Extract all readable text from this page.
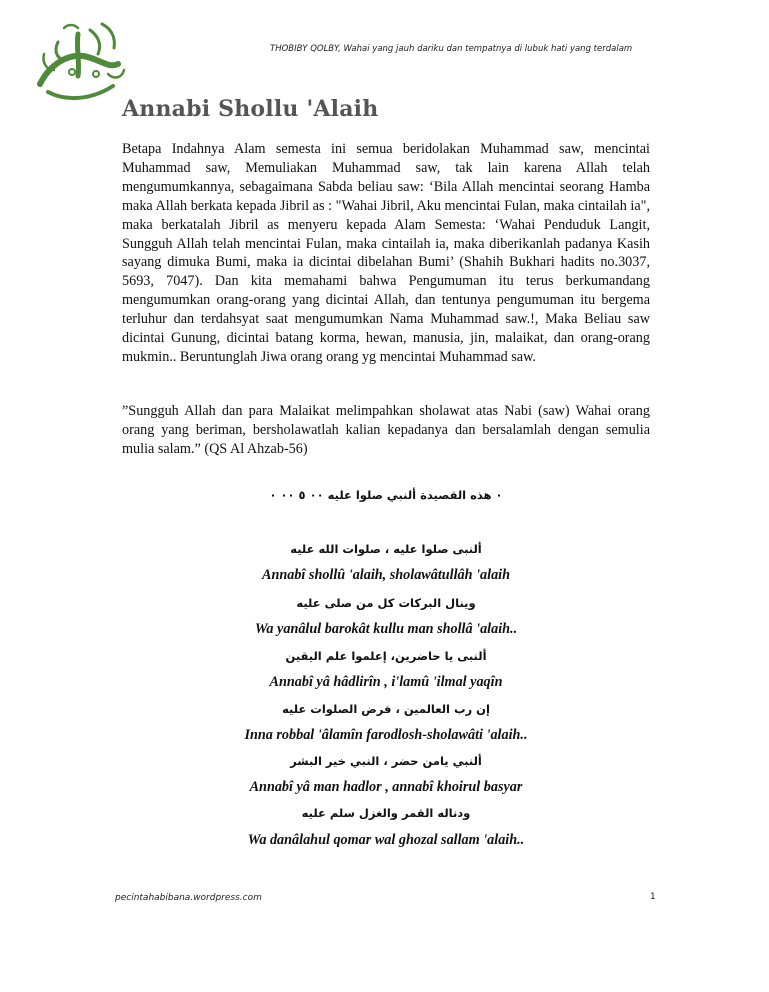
THOBIBY QOLBY, Wahai yang jauh dariku dan tempatnya di lubuk hati yang terdalam
Annabi Shollu 'Alaih

Betapa Indahnya Alam semesta ini semua beridolakan Muhammad saw, mencintai Muhammad saw, Memuliakan Muhammad saw, tak lain karena Allah telah mengumumkannya, sebagaimana Sabda beliau saw: ‘Bila Allah mencintai seorang Hamba maka Allah berkata kepada Jibril as : "Wahai Jibril, Aku mencintai Fulan, maka cintailah ia", maka berkatalah Jibril as menyeru kepada Alam Semesta: ‘Wahai Penduduk Langit, Sungguh Allah telah mencintai Fulan, maka cintailah ia, maka diberikanlah padanya Kasih sayang dimuka Bumi, maka ia dicintai dibelahan Bumi’ (Shahih Bukhari hadits no.3037, 5693, 7047). Dan kita memahami bahwa Pengumuman itu terus berkumandang mengumumkan orang-orang yang dicintai Allah, dan tentunya pengumuman itu bergema terluhur dan terdahsyat saat mengumumkan Nama Muhammad saw.!, Maka Beliau saw dicintai Gunung, dicintai batang korma, hewan, manusia, jin, malaikat, dan orang-orang mukmin.. Beruntunglah Jiwa orang orang yg mencintai Muhammad saw.

”Sungguh Allah dan para Malaikat melimpahkan sholawat atas Nabi (saw) Wahai orang orang yang beriman, bersholawatlah kalian kepadanya dan bersalamlah dengan semulia mulia salam.” (QS Al Ahzab-56)

٠ هذه القصيدة ألنبي صلوا عليه ٠٠ ٥ ٠٠ ٠
ألنبى صلوا عليه ، صلوات الله عليه
Annabî shollû 'alaih, sholawâtullâh 'alaih
وينال البركات كل من صلى عليه
Wa yanâlul barokât kullu man shollâ 'alaih..
ألنبى يا حاضرين، إعلموا علم اليقين
Annabî yâ hâdlirîn , i'lamû 'ilmal yaqîn
إن رب العالمين ، فرض الصلوات عليه
Inna robbal 'âlamîn farodlosh-sholawâti 'alaih..
ألنبي يامن حضر ، النبي خير البشر
Annabî yâ man hadlor , annabî khoirul basyar
ودناله القمر والغزل سلم عليه
Wa danâlahul qomar wal ghozal sallam 'alaih..
pecintahabibana.wordpress.com	1
